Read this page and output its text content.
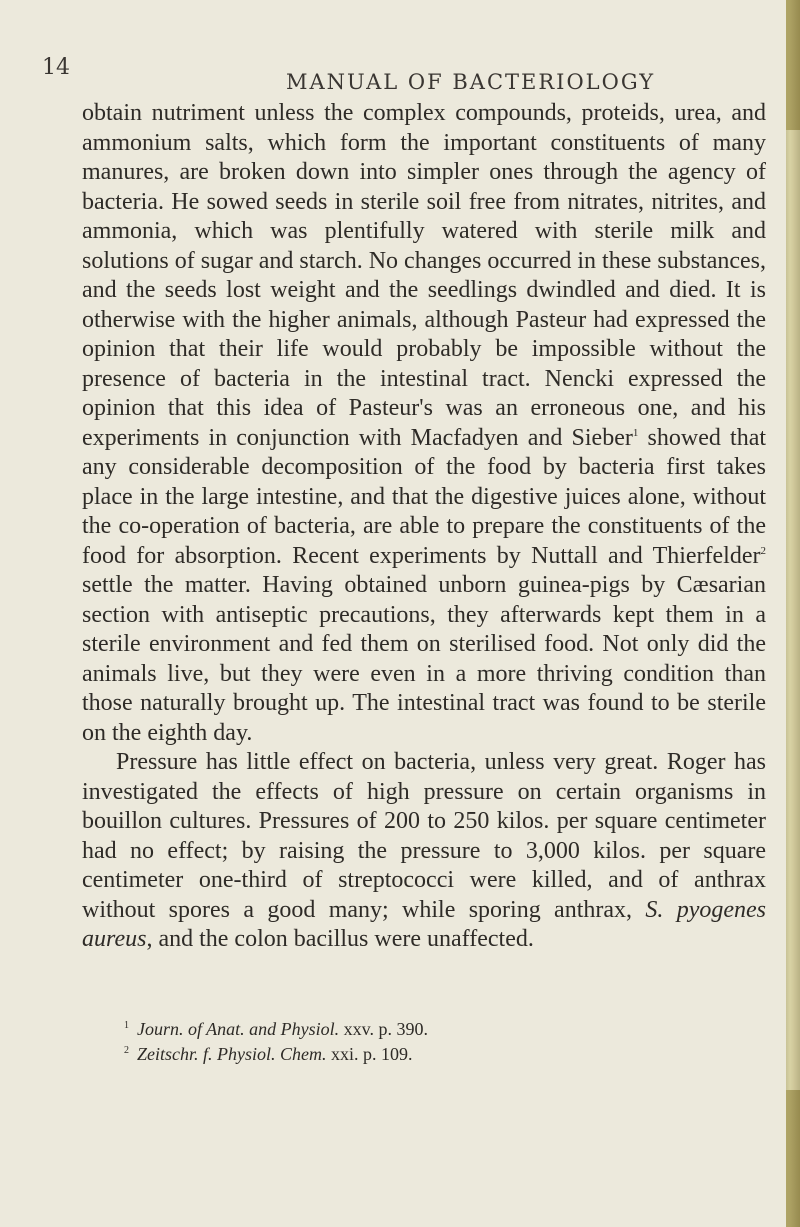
14
MANUAL OF BACTERIOLOGY

obtain nutriment unless the complex compounds, proteids, urea, and ammonium salts, which form the important constituents of many manures, are broken down into simpler ones through the agency of bacteria. He sowed seeds in sterile soil free from nitrates, nitrites, and ammonia, which was plentifully watered with sterile milk and solutions of sugar and starch. No changes occurred in these substances, and the seeds lost weight and the seedlings dwindled and died. It is otherwise with the higher animals, although Pasteur had expressed the opinion that their life would probably be impossible without the presence of bacteria in the intestinal tract. Nencki expressed the opinion that this idea of Pasteur's was an erroneous one, and his experiments in conjunction with Macfadyen and Sieber$^1$ showed that any considerable decomposition of the food by bacteria first takes place in the large intestine, and that the digestive juices alone, without the co-operation of bacteria, are able to prepare the constituents of the food for absorption. Recent experiments by Nuttall and Thierfelder$^2$ settle the matter. Having obtained unborn guinea-pigs by Cæsarian section with antiseptic precautions, they afterwards kept them in a sterile environment and fed them on sterilised food. Not only did the animals live, but they were even in a more thriving condition than those naturally brought up. The intestinal tract was found to be sterile on the eighth day.

Pressure has little effect on bacteria, unless very great. Roger has investigated the effects of high pressure on certain organisms in bouillon cultures. Pressures of 200 to 250 kilos. per square centimeter had no effect; by raising the pressure to 3,000 kilos. per square centimeter one-third of streptococci were killed, and of anthrax without spores a good many; while sporing anthrax, S. pyogenes aureus, and the colon bacillus were unaffected.

$^1$ Journ. of Anat. and Physiol. xxv. p. 390.
$^2$ Zeitschr. f. Physiol. Chem. xxi. p. 109.
